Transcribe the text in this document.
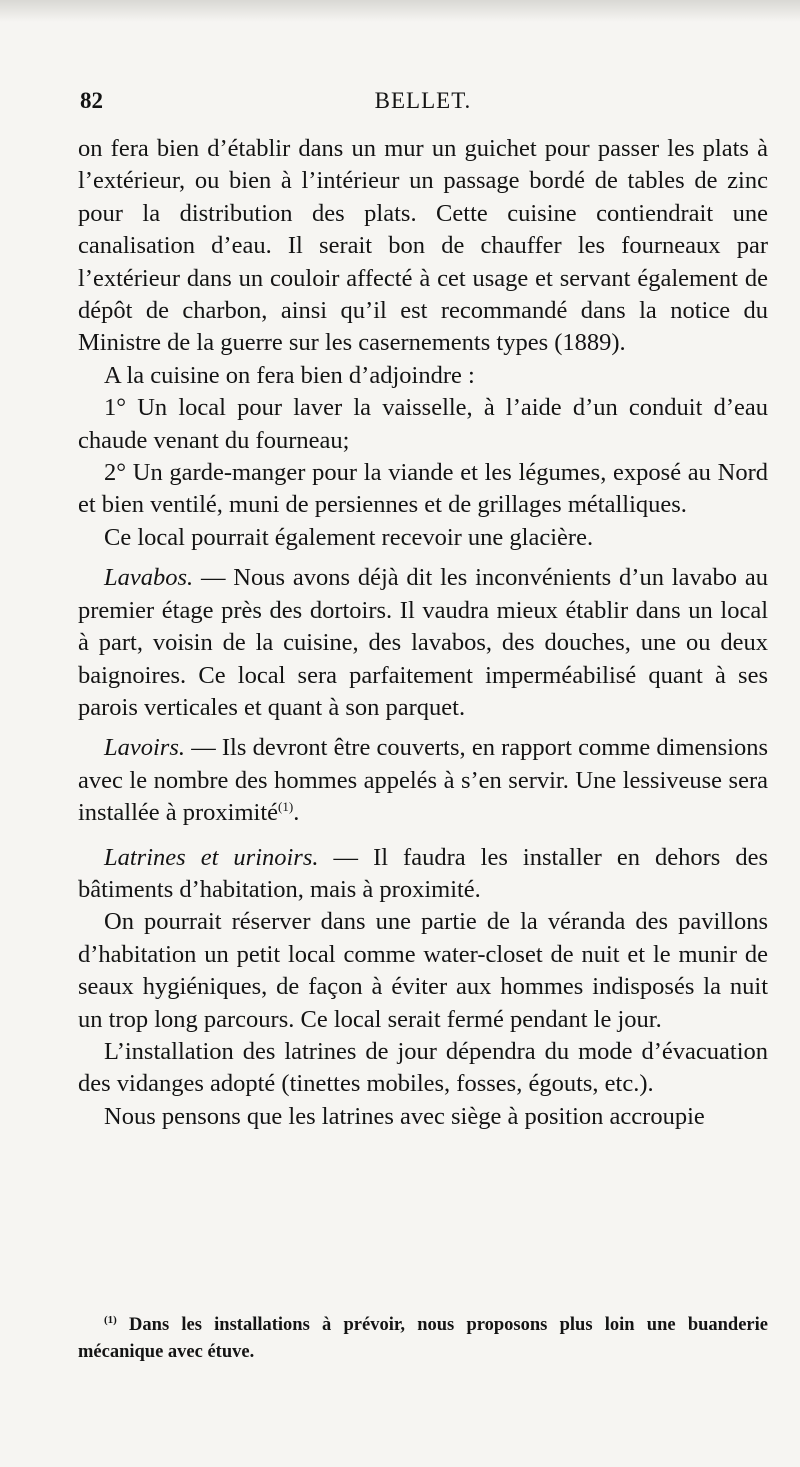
82	BELLET.

on fera bien d’établir dans un mur un guichet pour passer les plats à l’extérieur, ou bien à l’intérieur un passage bordé de tables de zinc pour la distribution des plats. Cette cuisine contiendrait une canalisation d’eau. Il serait bon de chauffer les fourneaux par l’extérieur dans un couloir affecté à cet usage et servant également de dépôt de charbon, ainsi qu’il est recommandé dans la notice du Ministre de la guerre sur les casernements types (1889).

A la cuisine on fera bien d’adjoindre :

1° Un local pour laver la vaisselle, à l’aide d’un conduit d’eau chaude venant du fourneau;

2° Un garde-manger pour la viande et les légumes, exposé au Nord et bien ventilé, muni de persiennes et de grillages métalliques.

Ce local pourrait également recevoir une glacière.

Lavabos. — Nous avons déjà dit les inconvénients d’un lavabo au premier étage près des dortoirs. Il vaudra mieux établir dans un local à part, voisin de la cuisine, des lavabos, des douches, une ou deux baignoires. Ce local sera parfaitement imperméabilisé quant à ses parois verticales et quant à son parquet.

Lavoirs. — Ils devront être couverts, en rapport comme dimensions avec le nombre des hommes appelés à s’en servir. Une lessiveuse sera installée à proximité$^{(1)}$.

Latrines et urinoirs. — Il faudra les installer en dehors des bâtiments d’habitation, mais à proximité.

On pourrait réserver dans une partie de la véranda des pavillons d’habitation un petit local comme water-closet de nuit et le munir de seaux hygiéniques, de façon à éviter aux hommes indisposés la nuit un trop long parcours. Ce local serait fermé pendant le jour.

L’installation des latrines de jour dépendra du mode d’évacuation des vidanges adopté (tinettes mobiles, fosses, égouts, etc.).

Nous pensons que les latrines avec siège à position accroupie

$^{(1)}$ Dans les installations à prévoir, nous proposons plus loin une buanderie mécanique avec étuve.
